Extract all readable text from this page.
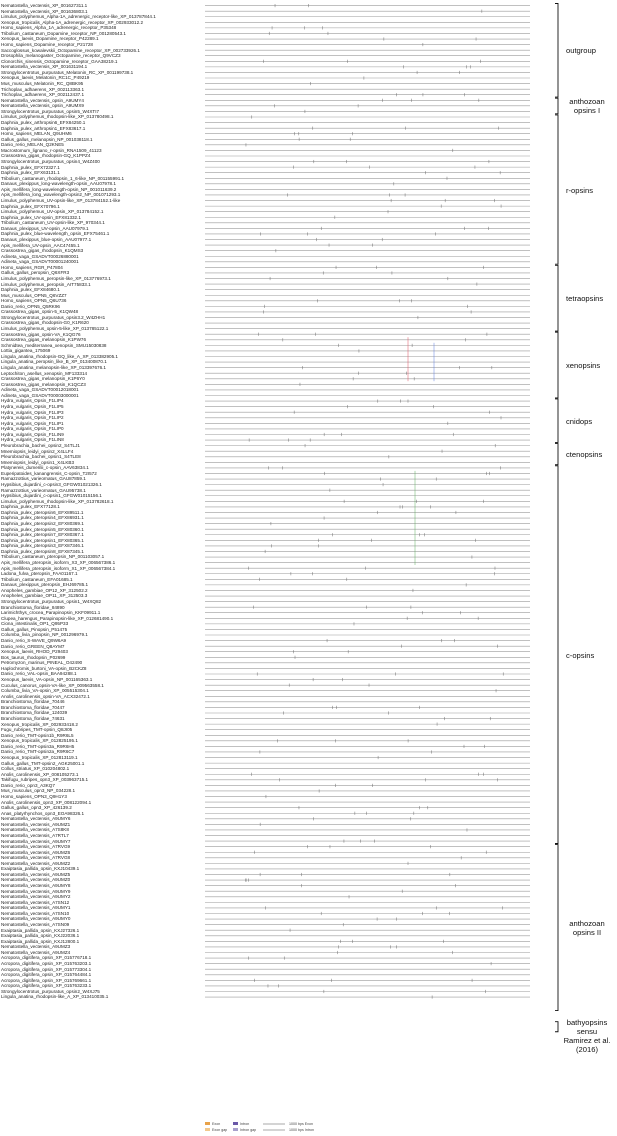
Nematostella_vectensis_XP_001627311.1
Nematostella_vectensis_XP_001636803.1
Limulus_polyphemus_Alpha-1A_adrenergic_receptor-like_XP_013787844.1
Xenopus_tropicalis_Alpha-1A_adrenergic_receptor_XP_002933012.2
Homo_sapiens_Alpha_1A_adrenergic_receptor_P35348
Tribolium_castaneum_Dopamine_receptor_NP_001280543.1
Xenopus_laevis_Dopamine_receptor_P42289.1
Homo_sapiens_Dopamine_receptor_P21728
Saccoglossus_kowalevskii_Octopamine_receptor_XP_002733926.1
Drosophila_melanogaster_Octopamine_receptor_Q9VCZ3
Clonorchis_sinensis_Octopamine_receptor_GAA38219.1
Nematostella_vectensis_XP_001631194.1
Strongylocentrotus_purpuratus_Melatonin_RC_XP_001199738.1
Xenopus_laevis_Melatonin_RC1C_P49219
Mus_musculus_Melatonin_RC_Q8BK95
Trichoplax_adhaerens_XP_002113363.1
Trichoplax_adhaerens_XP_002112437.1
Nematostella_vectensis_opsin_A9UMY4
Nematostella_vectensis_opsin_A9UMX9
Strongylocentrotus_purpuratus_opsin5_W4XTI7
Limulus_polyphemus_rhodopsin-like_XP_013780498.1
Daphnia_pulex_arthropsin6_EFX84250.1
Daphnia_pulex_arthropsin1_EFX83617.1
Homo_sapiens_MELAN_Q9UHM6
Gallus_gallus_melanopsin_NP_001038118.1
Danio_rerio_MELAN_Q2KNE5
Macrostomum_lignano_r-opsin_RNA1509_41123
Crassostrea_gigas_rhodopsin-GQ_K1PPZ4
Strongylocentrotus_purpuratus_opsin4_W4Z400
Daphnia_pulex_EFX72327.1
Daphnia_pulex_EFX63131.1
Tribolium_castaneum_rhodopsin_1_6-like_NP_001155991.1
Danaus_plexippus_long-wavelength-opsin_AAU07978.1
Apis_mellifera_long-wavelength-opsin_NP_001011639.2
Apis_mellifera_long_wavelength-opsin2_NP_001071293.1
Limulus_polyphemus_UV-opsin-like_XP_013784152.1-like
Daphnia_pulex_EFX70796.1
Limulus_polyphemus_UV-opsin_XP_013784152.1
Daphnia_pulex_UV-opsin_EFX81332.1
Tribolium_castaneum_UV-opsin-like_XP_970344.1
Danaus_plexippus_UV-opsin_AAU07979.1
Daphnia_pulex_blue-wavelength_opsin_EFX75461.1
Danaus_plexippus_blue-opsin_AAU07977.1
Apis_mellifera_UV-opsin_AAC47455.1
Crassostrea_gigas_rhodopsin_K1QMS3
Adineta_vaga_GSADVT00026880001
Adineta_vaga_GSADVT00001240001
Homo_sapiens_RGR_P47804
Gallus_gallus_peropsin_Q6XFR3
Limulus_polyphemus_peropsin-like_XP_013776973.1
Limulus_polyphemus_peropsin_AIT75833.1
Daphnia_pulex_EFX84680.1
Mus_musculus_OPN5_Q6VZZ7
Homo_sapiens_OPN5_Q6U736
Danio_rerio_OPN5_Q5RK96
Crassostrea_gigas_opsin-5_K1QW48
Strongylocentrotus_purpuratus_opsin3.2_W4ZHH1
Crassostrea_gigas_rhodopsin-G0_K1R620
Limulus_polyphemus_opsin-5-like_XP_013785122.1
Crassostrea_gigas_opsin-VA_K1QG76
Crassostrea_gigas_melanopsin_K1PW76
Schmidtea_mediterranea_xenopsin_SMU15030838
Lottia_gigantea_175069
Lingula_anatina_rhodopsin-GQ_like_A_XP_013382905.1
Lingula_anatina_peropsin_like_B_XP_013400870.1
Lingula_anatina_melanopsin-like_XP_013397676.1
Leptochiton_asellus_xenopsin_MF133314
Crassostrea_gigas_melanopsin_K1P6Y0
Crassostrea_gigas_melanopsin_K1QCZ3
Adineta_vaga_GSADVT00012018001
Adineta_vaga_GSADVT00003000001
Hydra_vulgaris_Opsin_F1LIP4
Hydra_vulgaris_Opsin_F1LIP5
Hydra_vulgaris_Opsin_F1LIP3
Hydra_vulgaris_Opsin_F1LIP2
Hydra_vulgaris_Opsin_F1LIP1
Hydra_vulgaris_Opsin_F1LIP0
Hydra_vulgaris_Opsin_F1LIN9
Hydra_vulgaris_Opsin_F1LIN8
Pleurobrachia_bachei_opsin2_S4TLJ1
Mnemiopsis_leidyi_opsin2_X4LLF4
Pleurobrachia_bachei_opsin1_S4TLE8
Mnemiopsis_leidyi_opsin1_X4LKB3
Platynereis_dumerilii_c-opsin_AAV63834.1
Euperipatoides_kanangrensis_C-opsin_T2I572
Ramazzottius_varieornatus_GAU87859.1
Hypsibius_dujardini_c-opsin3_GFGW01021326.1
Ramazzottius_varieornatus_GAU95738.1
Hypsibius_dujardini_c-opsin1_GFGW01015156.1
Limulus_polyphemus_rhodopsin-like_XP_013782618.1
Daphnia_pulex_EFX77128.1
Daphnia_pulex_pteropsin6_EFX89511.1
Daphnia_pulex_pteropsin4_EFX86931.1
Daphnia_pulex_pteropsin2_EFX80369.1
Daphnia_pulex_pteropsin5_EFX80360.1
Daphnia_pulex_pteropsin7_EFX80367.1
Daphnia_pulex_pteropsin1_EFX80365.1
Daphnia_pulex_pteropsin3_EFX87346.1
Daphnia_pulex_pteropsin8_EFX87345.1
Tribolium_castaneum_pteropsin_NP_001103057.1
Apis_mellifera_pteropsin_isoform_X3_XP_006567386.1
Apis_mellifera_pteropsin_isoform_X1_XP_006567384.1
Ladona_fulva_pteropsin_FAA01167.1
Tribolium_castaneum_EFA01685.1
Danaus_plexippus_pteropsin_EHJ69785.1
Anopheles_gambiae_OP12_XP_312502.2
Anopheles_gambiae_OP11_XP_312503.3
Strongylocentrotus_purpuratus_opsin1_W4XQ82
Branchiostoma_floridae_84890
Larimichthys_crocea_Parapinopsin_KKF09911.1
Clupea_harengus_Parapinopsin-like_XP_012681490.1
Ciona_intestinalis_OP1_Q95P33
Gallus_gallus_Pinopsin_P51475
Columba_livia_pinopsin_NP_001296979.1
Danio_rerio_S-WAVE_Q9W6A9
Danio_rerio_GREEN_Q8AYM7
Xenopus_laevis_RHOD_P29403
Bos_taurus_rhodopsin_P02699
Petromyzon_marinus_PINEAL_O42490
Haplochromis_burtoni_VA-opsin_B2CKZ8
Danio_rerio_VAL-opsin_BAA94288.1
Xenopus_laevis_VA-opsin_NP_001165363.1
Cuculus_canorus_opsin-VA-like_XP_009563558.1
Columba_livia_VA-opsin_XP_005515304.1
Anolis_carolinensis_opsin-VA_ACX32472.1
Branchiostoma_floridae_70446
Branchiostoma_floridae_70447
Branchiostoma_floridae_124039
Branchiostoma_floridae_74631
Xenopus_tropicalis_XP_002933418.2
Fugu_rubripes_TMT-opsin_Q8JI05
Danio_rerio_TMT-opsin1b_R9R6L5
Xenopus_tropicalis_XP_012825195.1
Danio_rerio_TMT-opsin3a_R9R6H5
Danio_rerio_TMT-opsin2a_R9R6C7
Xenopus_tropicalis_XP_012813119.1
Gallus_gallus_TMT-opsin2_AGK25001.1
Collus_striatus_XP_010204802.1
Anolis_carolinensis_XP_008105273.1
Takifugu_rubripes_opn3_XP_003963715.1
Danio_rerio_opn3_A3KQ7
Mus_musculus_opn3_NP_034228.1
Homo_sapiens_OPN3_Q9H1Y3
Anolis_carolinensis_opn3_XP_008122094.1
Gallus_gallus_opn3_XP_426139.2
Anas_platyrhynchos_opn3_EOA98326.1
Nematostella_vectensis_A9UMY6
Nematostella_vectensis_A9UMZ1
Nematostella_vectensis_A7S8K8
Nematostella_vectensis_A7RTL7
Nematostella_vectensis_A9UMY7
Nematostella_vectensis_A7RVG9
Nematostella_vectensis_A9UMZ6
Nematostella_vectensis_A7RVG8
Nematostella_vectensis_A9UMZ2
Exaiptasia_pallida_opsin_KXJ10439.1
Nematostella_vectensis_A9UMZ5
Nematostella_vectensis_A9UMZ0
Nematostella_vectensis_A9UMY8
Nematostella_vectensis_A9UMY9
Nematostella_vectensis_A9UMY2
Nematostella_vectensis_A7SN12
Nematostella_vectensis_A9UMY1
Nematostella_vectensis_A7SN10
Nematostella_vectensis_A9UMY0
Nematostella_vectensis_A7SN09
Exaiptasia_pallida_opsin_KXJ27326.1
Exaiptasia_pallida_opsin_KXJ22036.1
Exaiptasia_pallida_opsin_KXJ12800.1
Nematostella_vectensis_A9UMZ3
Nematostella_vectensis_A9UMZ4
Acropora_digitifera_opsin_XP_015776718.1
Acropora_digitifera_opsin_XP_015763203.1
Acropora_digitifera_opsin_XP_015773304.1
Acropora_digitifera_opsin_XP_015764484.1
Acropora_digitifera_opsin_XP_015769661.1
Acropora_digitifera_opsin_XP_015763233.1
Strongylocentrotus_purpuratus_opsin2_W4XJ75
Lingula_anatina_rhodopsin-like_A_XP_013410035.1
outgroup
anthozoan opsins I
r-opsins
tetraopsins
xenopsins
cnidops
ctenopsins
c-opsins
anthozoan opsins II
bathyopsins sensu Ramirez et al. (2016)
Exon
Exon gap
Intron
Intron gap
1000 bps Exon
1000 bps Intron
